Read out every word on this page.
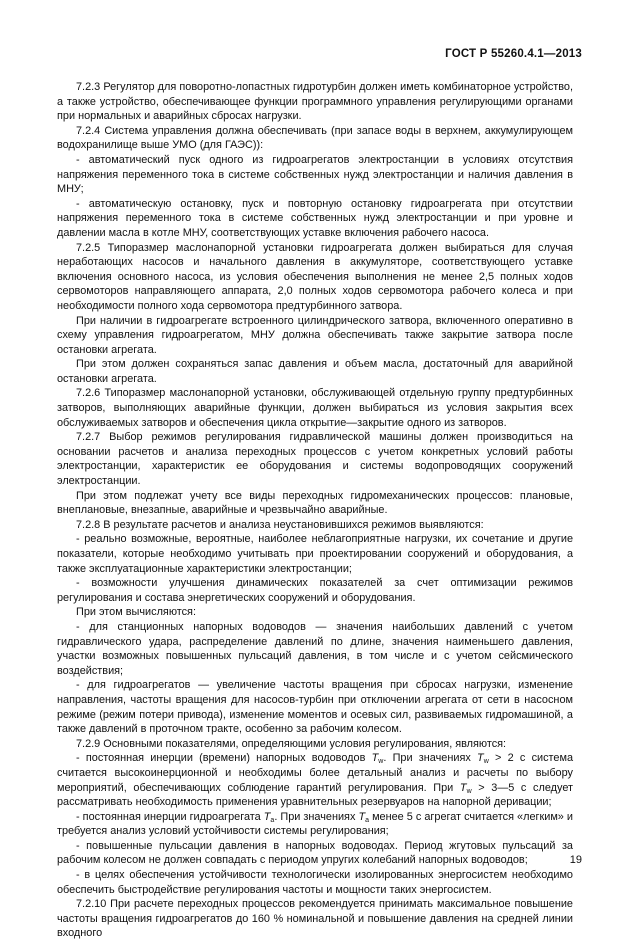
ГОСТ Р 55260.4.1—2013

7.2.3 Регулятор для поворотно-лопастных гидротурбин должен иметь комбинаторное устройство, а также устройство, обеспечивающее функции программного управления регулирующими органами при нормальных и аварийных сбросах нагрузки.

7.2.4 Система управления должна обеспечивать (при запасе воды в верхнем, аккумулирующем водохранилище выше УМО (для ГАЭС)):

- автоматический пуск одного из гидроагрегатов электростанции в условиях отсутствия напряжения переменного тока в системе собственных нужд электростанции и наличия давления в МНУ;

- автоматическую остановку, пуск и повторную остановку гидроагрегата при отсутствии напряжения переменного тока в системе собственных нужд электростанции и при уровне и давлении масла в котле МНУ, соответствующих уставке включения рабочего насоса.

7.2.5 Типоразмер маслонапорной установки гидроагрегата должен выбираться для случая неработающих насосов и начального давления в аккумуляторе, соответствующего уставке включения основного насоса, из условия обеспечения выполнения не менее 2,5 полных ходов сервомоторов направляющего аппарата, 2,0 полных ходов сервомотора рабочего колеса и при необходимости полного хода сервомотора предтурбинного затвора.

При наличии в гидроагрегате встроенного цилиндрического затвора, включенного оперативно в схему управления гидроагрегатом, МНУ должна обеспечивать также закрытие затвора после остановки агрегата.

При этом должен сохраняться запас давления и объем масла, достаточный для аварийной остановки агрегата.

7.2.6 Типоразмер маслонапорной установки, обслуживающей отдельную группу предтурбинных затворов, выполняющих аварийные функции, должен выбираться из условия закрытия всех обслуживаемых затворов и обеспечения цикла открытие—закрытие одного из затворов.

7.2.7 Выбор режимов регулирования гидравлической машины должен производиться на основании расчетов и анализа переходных процессов с учетом конкретных условий работы электростанции, характеристик ее оборудования и системы водопроводящих сооружений электростанции.

При этом подлежат учету все виды переходных гидромеханических процессов: плановые, внеплановые, внезапные, аварийные и чрезвычайно аварийные.

7.2.8 В результате расчетов и анализа неустановившихся режимов выявляются:

- реально возможные, вероятные, наиболее неблагоприятные нагрузки, их сочетание и другие показатели, которые необходимо учитывать при проектировании сооружений и оборудования, а также эксплуатационные характеристики электростанции;

- возможности улучшения динамических показателей за счет оптимизации режимов регулирования и состава энергетических сооружений и оборудования.

При этом вычисляются:

- для станционных напорных водоводов — значения наибольших давлений с учетом гидравлического удара, распределение давлений по длине, значения наименьшего давления, участки возможных повышенных пульсаций давления, в том числе и с учетом сейсмического воздействия;

- для гидроагрегатов — увеличение частоты вращения при сбросах нагрузки, изменение направления, частоты вращения для насосов-турбин при отключении агрегата от сети в насосном режиме (режим потери привода), изменение моментов и осевых сил, развиваемых гидромашиной, а также давлений в проточном тракте, особенно за рабочим колесом.

7.2.9 Основными показателями, определяющими условия регулирования, являются:

- постоянная инерции (времени) напорных водоводов $T_w$. При значениях $T_w > 2$ с система считается высокоинерционной и необходимы более детальный анализ и расчеты по выбору мероприятий, обеспечивающих соблюдение гарантий регулирования. При $T_w$ > 3—5 с следует рассматривать необходимость применения уравнительных резервуаров на напорной деривации;

- постоянная инерции гидроагрегата $T_a$. При значениях $T_a$ менее 5 с агрегат считается «легким» и требуется анализ условий устойчивости системы регулирования;

- повышенные пульсации давления в напорных водоводах. Период жгутовых пульсаций за рабочим колесом не должен совпадать с периодом упругих колебаний напорных водоводов;

- в целях обеспечения устойчивости технологически изолированных энергосистем необходимо обеспечить быстродействие регулирования частоты и мощности таких энергосистем.

7.2.10 При расчете переходных процессов рекомендуется принимать максимальное повышение частоты вращения гидроагрегатов до 160 % номинальной и повышение давления на средней линии входного

19
